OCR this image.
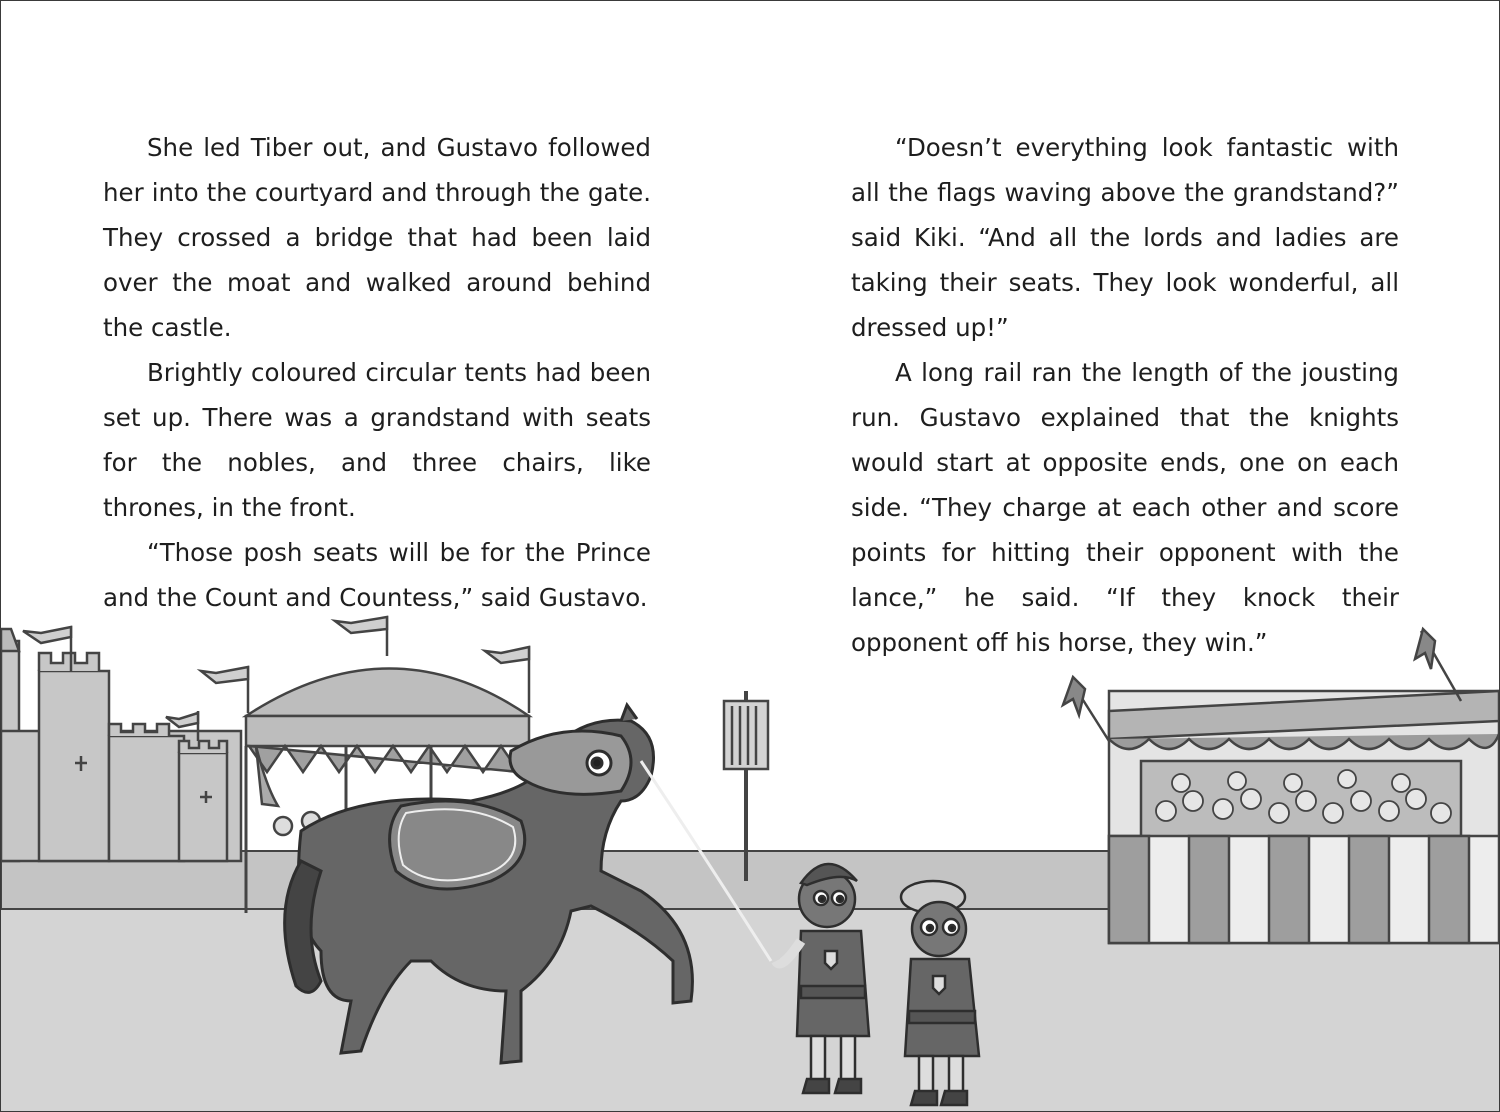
She led Tiber out, and Gustavo followed her into the courtyard and through the gate. They crossed a bridge that had been laid over the moat and walked around behind the castle.

Brightly coloured circular tents had been set up. There was a grandstand with seats for the nobles, and three chairs, like thrones, in the front.

“Those posh seats will be for the Prince and the Count and Countess,” said Gustavo.

“Doesn’t everything look fantastic with all the flags waving above the grandstand?” said Kiki. “And all the lords and ladies are taking their seats. They look wonderful, all dressed up!”

A long rail ran the length of the jousting run. Gustavo explained that the knights would start at opposite ends, one on each side. “They charge at each other and score points for hitting their opponent with the lance,” he said. “If they knock their opponent off his horse, they win.”
